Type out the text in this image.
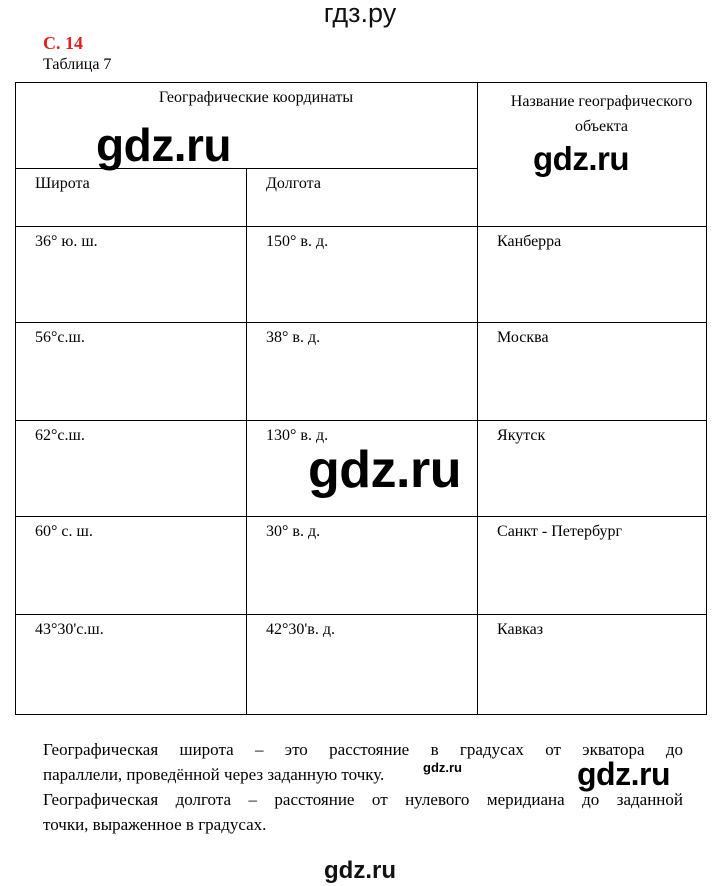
гдз.ру
С. 14
Таблица 7
Географические координаты		Название географического объекта
Широта	Долгота	
36° ю. ш.	150° в. д.	Канберра
56°с.ш.	38° в. д.	Москва
62°с.ш.	130° в. д.	Якутск
60° с. ш.	30° в. д.	Санкт - Петербург
43°30'с.ш.	42°30'в. д.	Кавказ
gdz.ru	gdz.ru
gdz.ru
gdz.ru	gdz.ru
Географическая широта – это расстояние в градусах от экватора до
параллели, проведённой через заданную точку.
Географическая долгота – расстояние от нулевого меридиана до заданной
точки, выраженное в градусах.
gdz.ru
